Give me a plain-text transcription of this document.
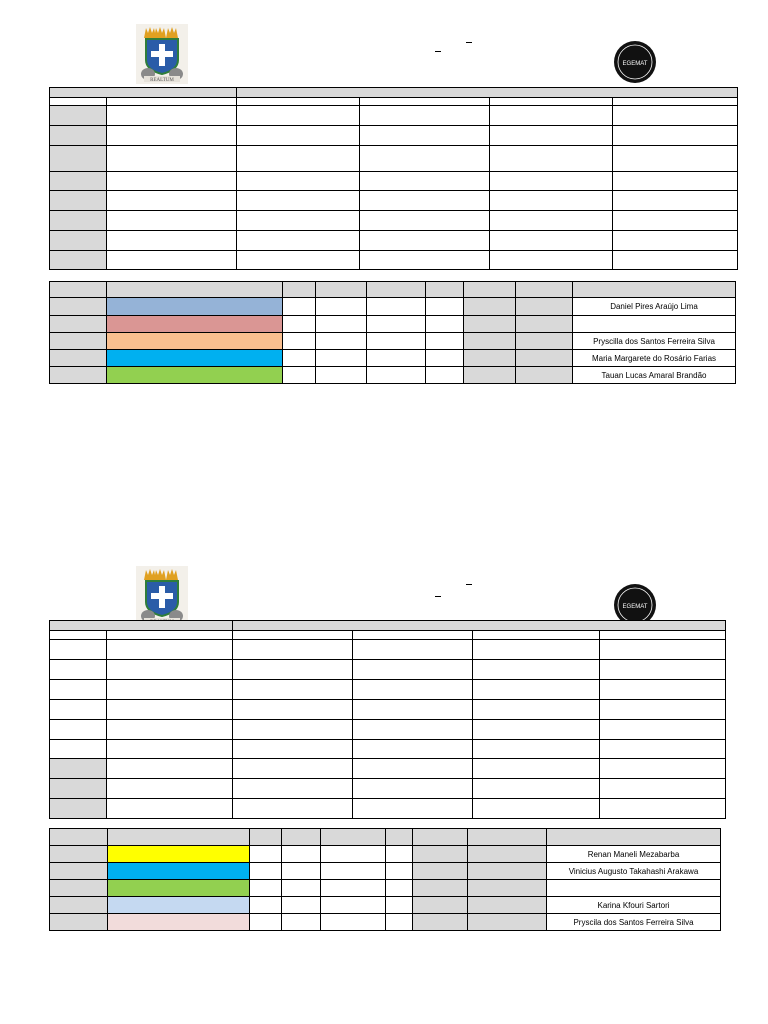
REALTUM
EGEMAT

								Daniel Pires Araújo Lima

								Pryscilla dos Santos Ferreira Silva
								Maria Margarete do Rosário Farias
								Tauan Lucas Amaral Brandão
EGEMAT

								Renan Maneli Mezabarba
								Vinicius Augusto Takahashi Arakawa

								Karina Kfouri Sartori
								Pryscila dos Santos Ferreira Silva
